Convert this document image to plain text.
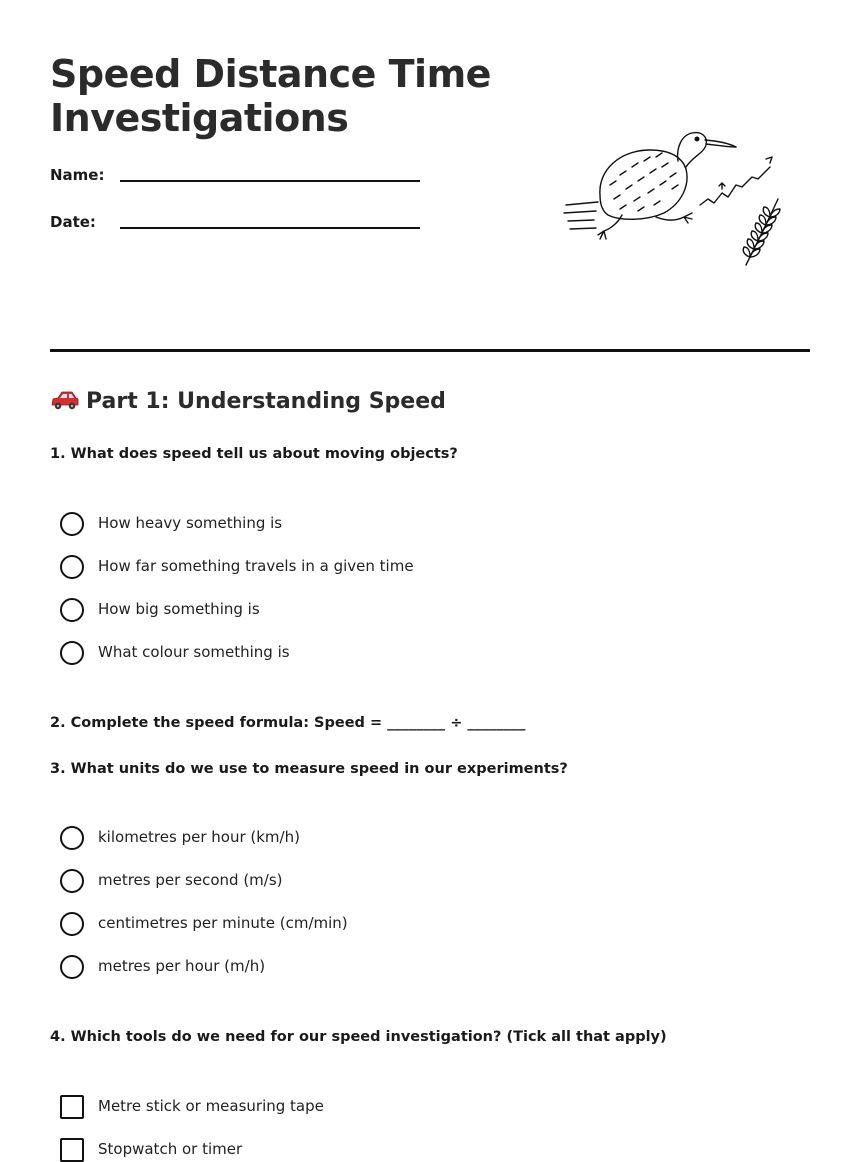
Speed Distance Time
Investigations
Name:
Date:
Part 1: Understanding Speed
1. What does speed tell us about moving objects?
How heavy something is
How far something travels in a given time
How big something is
What colour something is
2. Complete the speed formula: Speed = ________ ÷ ________
3. What units do we use to measure speed in our experiments?
kilometres per hour (km/h)
metres per second (m/s)
centimetres per minute (cm/min)
metres per hour (m/h)
4. Which tools do we need for our speed investigation? (Tick all that apply)
Metre stick or measuring tape
Stopwatch or timer
